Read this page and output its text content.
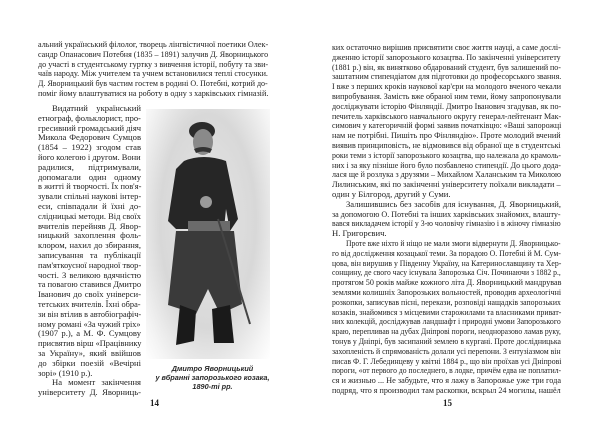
альний український філолог, творець лінгвістичної поетики Олек-
сандр Опанасович Потебня (1835 – 1891) залучив Д. Яворницького
до участі в студентському гуртку з вивчення історії, побуту та зви-
чаїв народу. Між учителем та учнем встановилися теплі стосунки.
Д. Яворницький був частим гостем в родині О. Потебні, котрий до-
поміг йому влаштуватися на роботу в одну з харківських гімназій.
Видатний український
етнограф, фольклорист, про-
гресивний громадський діяч
Микола Федорович Сумцов
(1854 – 1922) згодом став
його колегою і другом. Вони
радилися, підтримували,
допомагали один одному
в житті й творчості. Їх пов'я-
зували спільні наукові інтер-
еси, співпадали й їхні до-
слідницькі методи. Від своїх
вчителів перейняв Д. Явор-
ницький захоплення фоль-
клором, нахил до збирання,
записування та публікації
пам'яткоусної народної твор-
чості. З великою вдячністю
та повагою ставився Дмитро
Іванович до своїх універси-
тетських вчителів. Їхні обра-
зи він втілив в автобіографіч-
ному романі «За чужий гріх»
(1907 р.), а М. Ф. Сумцову
присвятив вірш «Працівнику
за Україну», який ввійшов
до збірки поезій «Вечірні
зорі» (1910 р.).
На момент закінчення
університету Д. Яворниць-
Дмитро Яворницький
у вбранні запорозького козака,
1890-ті рр.
14
ких остаточно вирішив присвятити своє життя науці, а саме дослі-
дженню історії запорозького козацтва. По закінченні університету
(1881 р.) він, як винятково обдарований студент, був залишений по-
заштатним стипендіатом для підготовки до професорського звання.
І вже з перших кроків наукової кар'єри на молодого вченого чекали
випробування. Замість вже обраної ним теми, йому запропонували
досліджувати історію Фінляндії. Дмитро Іванович згадував, як по-
печитель харківського навчального округу генерал-лейтенант Мак-
симович у категоричній формі заявив початківцю: «Ваші запорожці
нам не потрібні. Пишіть про Фінляндію». Проте молодий вчений
виявив принциповість, не відмовився від обраної ще в студентські
роки теми з історії запорозького козацтва, що належала до крамоль-
них і за яку пізніше його було позбавлено стипендії. До цього дода-
лася ще й розлука з друзями – Михайлом Халанським та Миколою
Лилинським, які по закінченні університету поїхали викладати –
один у Білгород, другий у Суми.
Залишившись без засобів для існування, Д. Яворницький,
за допомогою О. Потебні та інших харківських знайомих, влашту-
вався викладачем історії у 3-ю чоловічу гімназію і в жіночу гімназію
Н. Григорєвич.
Проте вже ніхто й ніщо не мали змоги відвернути Д. Яворницько-
го від дослідження козацької теми. За порадою О. Потебні й М. Сум-
цова, він вирушив у Південну Україну, на Катеринославщину та Хер-
сонщину, де свого часу існувала Запорозька Січ. Починаючи з 1882 р.,
протягом 50 років майже кожного літа Д. Яворницький мандрував
землями колишніх Запорозьких вольностей, проводив археологічні
розкопки, записував пісні, перекази, розповіді нащадків запорозьких
козаків, знайомився з місцевими старожилами та власниками приват-
них колекцій, досліджував ландшафт і природні умови Запорозького
краю, перепливав на дубах Дніпрові пороги, неодноразово ламав руку,
тонув у Дніпрі, був засипаний землею в кургані. Проте дослідницька
захопленість й спрямованість долали усі перепони. З ентузіазмом він
писав Ф. Г. Лебединцеву у квітні 1884 р., що він проїхав усі Дніпрові
пороги, «от первого до последнего, в лодке, причём едва не поплатил-
ся и жизнью ... Не забудьте, что я лажу в Запорожье уже три года
подряд, что я производил там раскопки, вскрыл 24 могилы, нашёл
15
